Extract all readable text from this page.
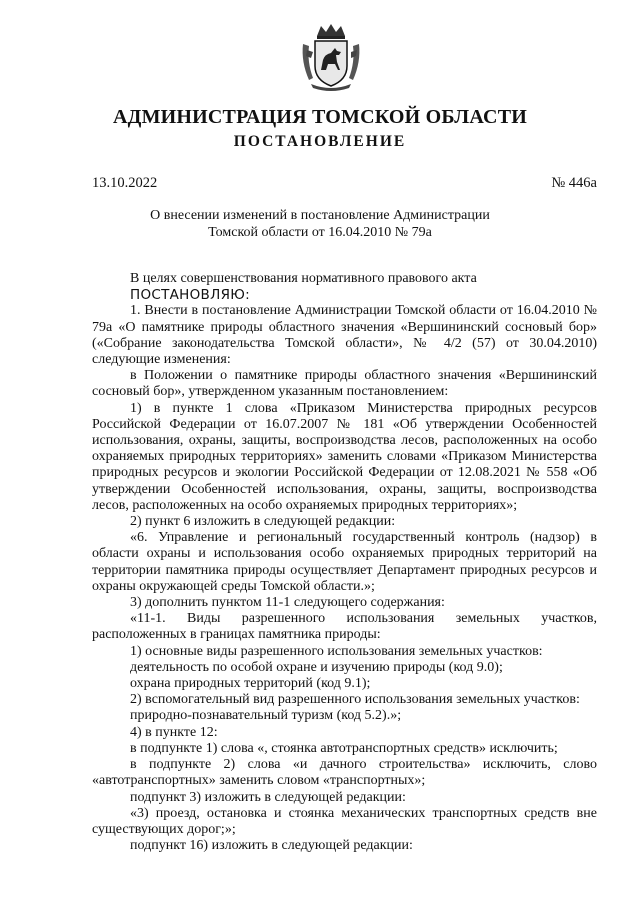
АДМИНИСТРАЦИЯ ТОМСКОЙ ОБЛАСТИ
ПОСТАНОВЛЕНИЕ
13.10.2022	№ 446а
О внесении изменений в постановление Администрации
Томской области от 16.04.2010 № 79а

В целях совершенствования нормативного правового акта

ПОСТАНОВЛЯЮ:

1. Внести в постановление Администрации Томской области от 16.04.2010 № 79а «О памятнике природы областного значения «Вершининский сосновый бор» («Собрание законодательства Томской области», № 4/2 (57) от 30.04.2010) следующие изменения:

в Положении о памятнике природы областного значения «Вершининский сосновый бор», утвержденном указанным постановлением:

1) в пункте 1 слова «Приказом Министерства природных ресурсов Российской Федерации от 16.07.2007 № 181 «Об утверждении Особенностей использования, охраны, защиты, воспроизводства лесов, расположенных на особо охраняемых природных территориях» заменить словами «Приказом Министерства природных ресурсов и экологии Российской Федерации от 12.08.2021 № 558 «Об утверждении Особенностей использования, охраны, защиты, воспроизводства лесов, расположенных на особо охраняемых природных территориях»;

2) пункт 6 изложить в следующей редакции:

«6. Управление и региональный государственный контроль (надзор) в области охраны и использования особо охраняемых природных территорий на территории памятника природы осуществляет Департамент природных ресурсов и охраны окружающей среды Томской области.»;

3) дополнить пунктом 11-1 следующего содержания:

«11-1. Виды разрешенного использования земельных участков, расположенных в границах памятника природы:

1) основные виды разрешенного использования земельных участков:

деятельность по особой охране и изучению природы (код 9.0);

охрана природных территорий (код 9.1);

2) вспомогательный вид разрешенного использования земельных участков:

природно-познавательный туризм (код 5.2).»;

4) в пункте 12:

в подпункте 1) слова «, стоянка автотранспортных средств» исключить;

в подпункте 2) слова «и дачного строительства» исключить, слово «автотранспортных» заменить словом «транспортных»;

подпункт 3) изложить в следующей редакции:

«3) проезд, остановка и стоянка механических транспортных средств вне существующих дорог;»;

подпункт 16) изложить в следующей редакции:
